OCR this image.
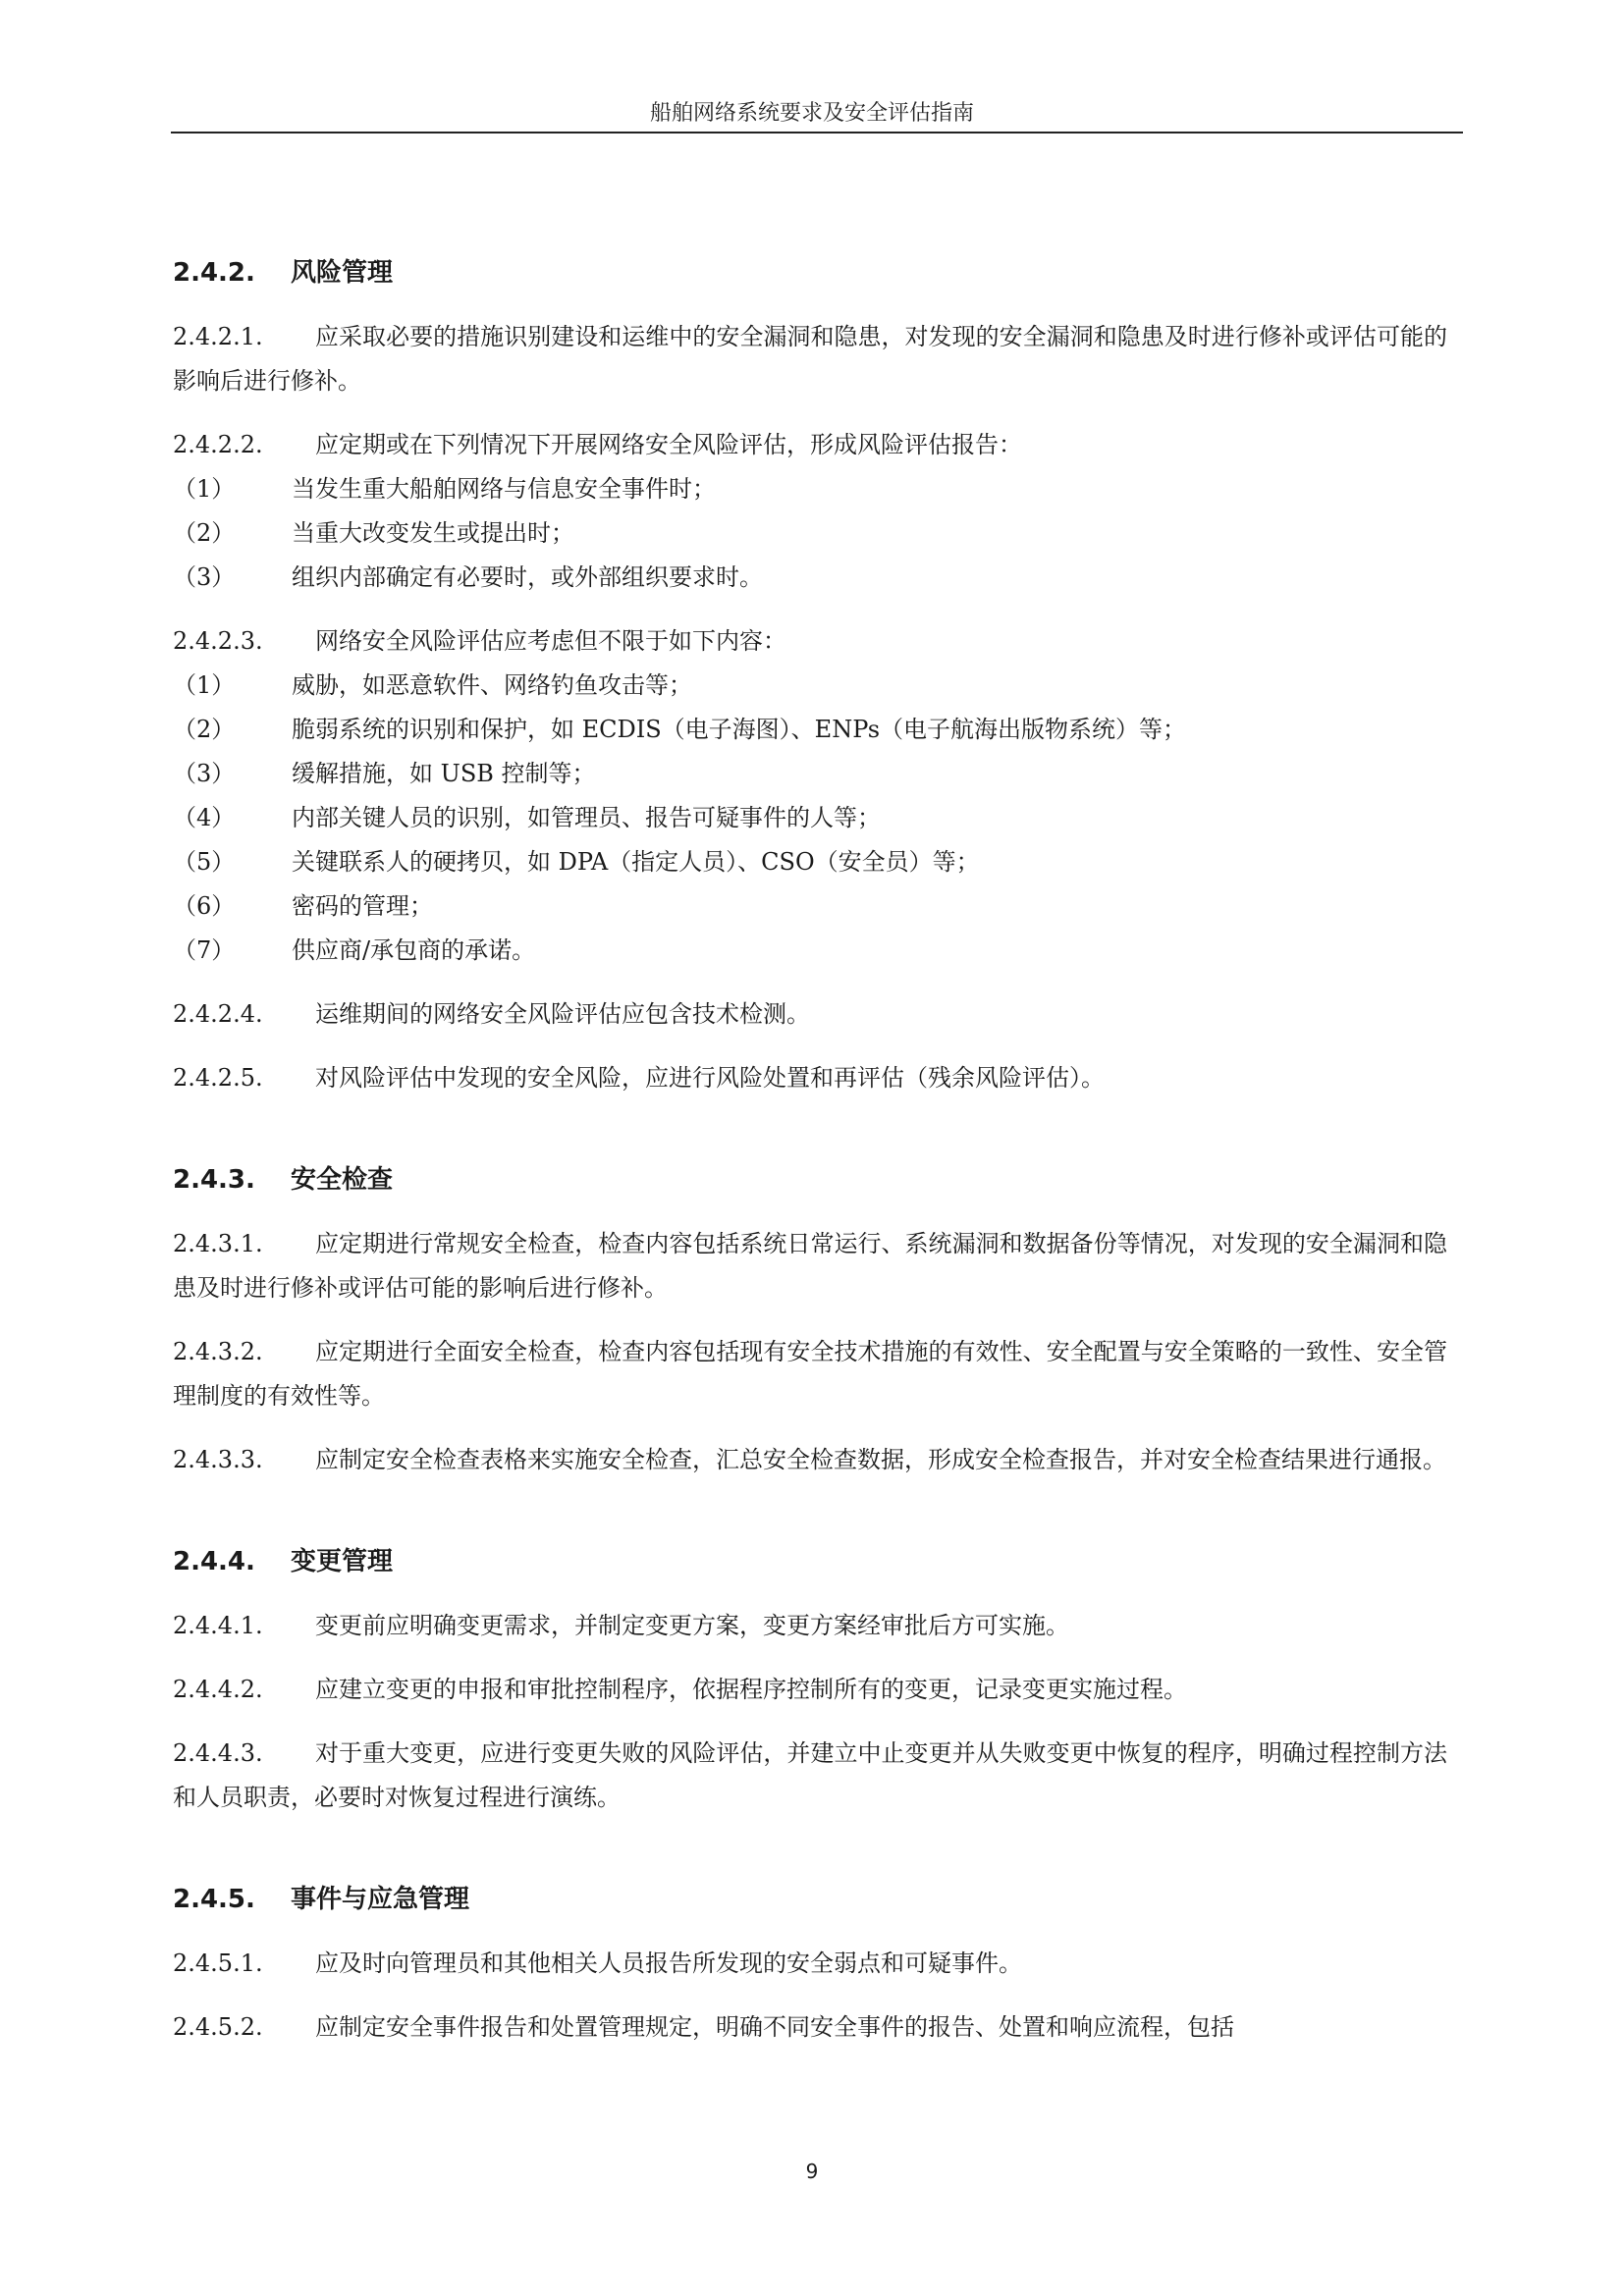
船舶网络系统要求及安全评估指南
2.4.2.	风险管理
2.4.2.1. 应采取必要的措施识别建设和运维中的安全漏洞和隐患，对发现的安全漏洞和隐患及时进行修补或评估可能的影响后进行修补。
2.4.2.2. 应定期或在下列情况下开展网络安全风险评估，形成风险评估报告：
（1）	当发生重大船舶网络与信息安全事件时；
（2）	当重大改变发生或提出时；
（3）	组织内部确定有必要时，或外部组织要求时。
2.4.2.3. 网络安全风险评估应考虑但不限于如下内容：
（1）	威胁，如恶意软件、网络钓鱼攻击等；
（2）	脆弱系统的识别和保护，如 ECDIS（电子海图）、ENPs（电子航海出版物系统）等；
（3）	缓解措施，如 USB 控制等；
（4）	内部关键人员的识别，如管理员、报告可疑事件的人等；
（5）	关键联系人的硬拷贝，如 DPA（指定人员）、CSO（安全员）等；
（6）	密码的管理；
（7）	供应商/承包商的承诺。
2.4.2.4. 运维期间的网络安全风险评估应包含技术检测。
2.4.2.5. 对风险评估中发现的安全风险，应进行风险处置和再评估（残余风险评估）。
2.4.3.	安全检查
2.4.3.1. 应定期进行常规安全检查，检查内容包括系统日常运行、系统漏洞和数据备份等情况，对发现的安全漏洞和隐患及时进行修补或评估可能的影响后进行修补。
2.4.3.2. 应定期进行全面安全检查，检查内容包括现有安全技术措施的有效性、安全配置与安全策略的一致性、安全管理制度的有效性等。
2.4.3.3. 应制定安全检查表格来实施安全检查，汇总安全检查数据，形成安全检查报告，并对安全检查结果进行通报。
2.4.4.	变更管理
2.4.4.1. 变更前应明确变更需求，并制定变更方案，变更方案经审批后方可实施。
2.4.4.2. 应建立变更的申报和审批控制程序，依据程序控制所有的变更，记录变更实施过程。
2.4.4.3. 对于重大变更，应进行变更失败的风险评估，并建立中止变更并从失败变更中恢复的程序，明确过程控制方法和人员职责，必要时对恢复过程进行演练。
2.4.5.	事件与应急管理
2.4.5.1. 应及时向管理员和其他相关人员报告所发现的安全弱点和可疑事件。
2.4.5.2. 应制定安全事件报告和处置管理规定，明确不同安全事件的报告、处置和响应流程，包括
9
